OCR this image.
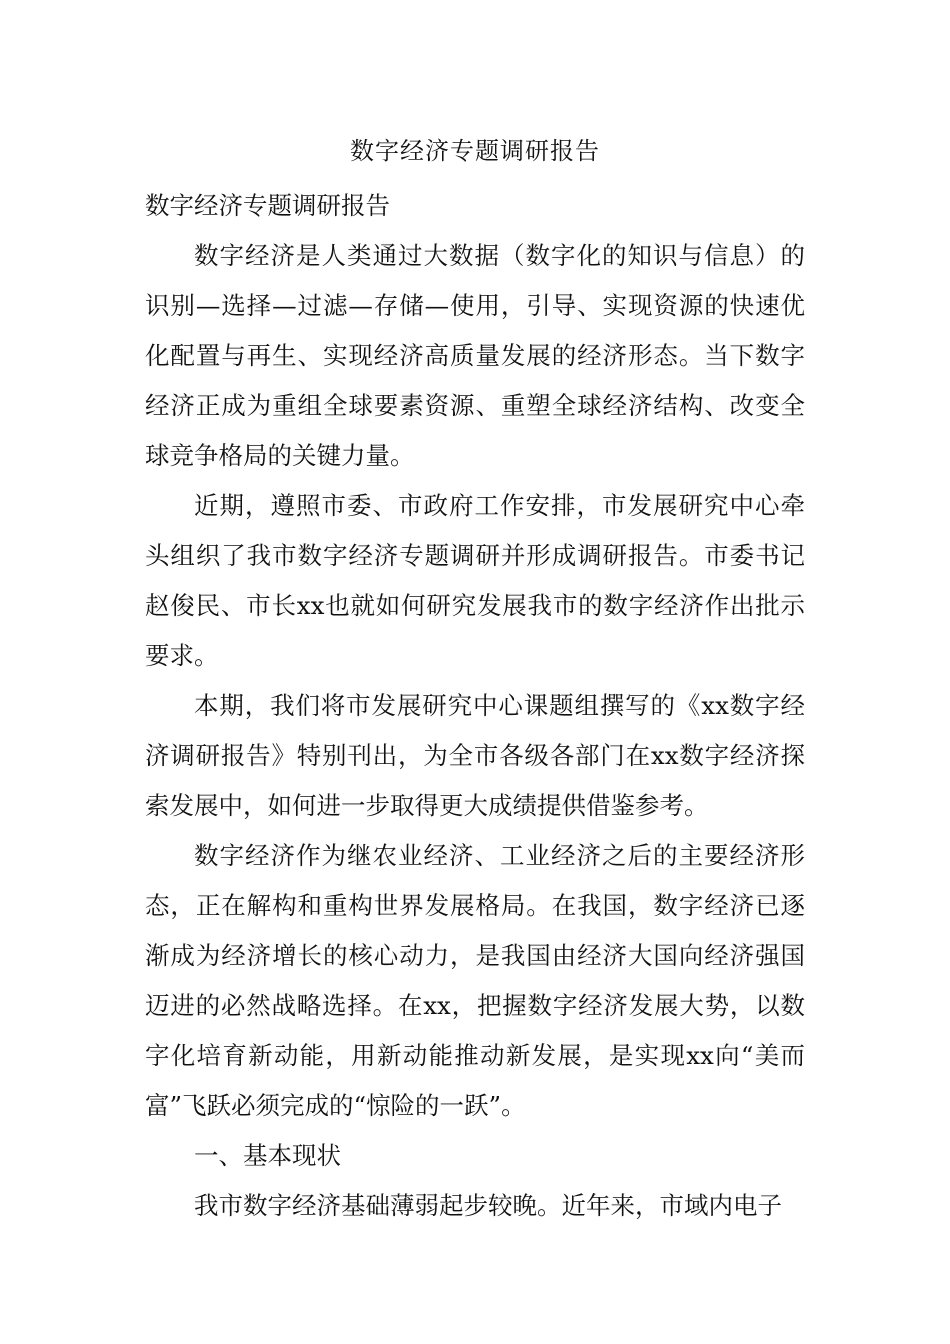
数字经济专题调研报告

数字经济专题调研报告

数字经济是人类通过大数据（数字化的知识与信息）的识别—选择—过滤—存储—使用，引导、实现资源的快速优化配置与再生、实现经济高质量发展的经济形态。当下数字经济正成为重组全球要素资源、重塑全球经济结构、改变全球竞争格局的关键力量。

近期，遵照市委、市政府工作安排，市发展研究中心牵头组织了我市数字经济专题调研并形成调研报告。市委书记赵俊民、市长xx也就如何研究发展我市的数字经济作出批示要求。

本期，我们将市发展研究中心课题组撰写的《xx数字经济调研报告》特别刊出，为全市各级各部门在xx数字经济探索发展中，如何进一步取得更大成绩提供借鉴参考。

数字经济作为继农业经济、工业经济之后的主要经济形态，正在解构和重构世界发展格局。在我国，数字经济已逐渐成为经济增长的核心动力，是我国由经济大国向经济强国迈进的必然战略选择。在xx，把握数字经济发展大势，以数字化培育新动能，用新动能推动新发展，是实现xx向“美而富”飞跃必须完成的“惊险的一跃”。

一、基本现状

我市数字经济基础薄弱起步较晚。近年来，市域内电子
